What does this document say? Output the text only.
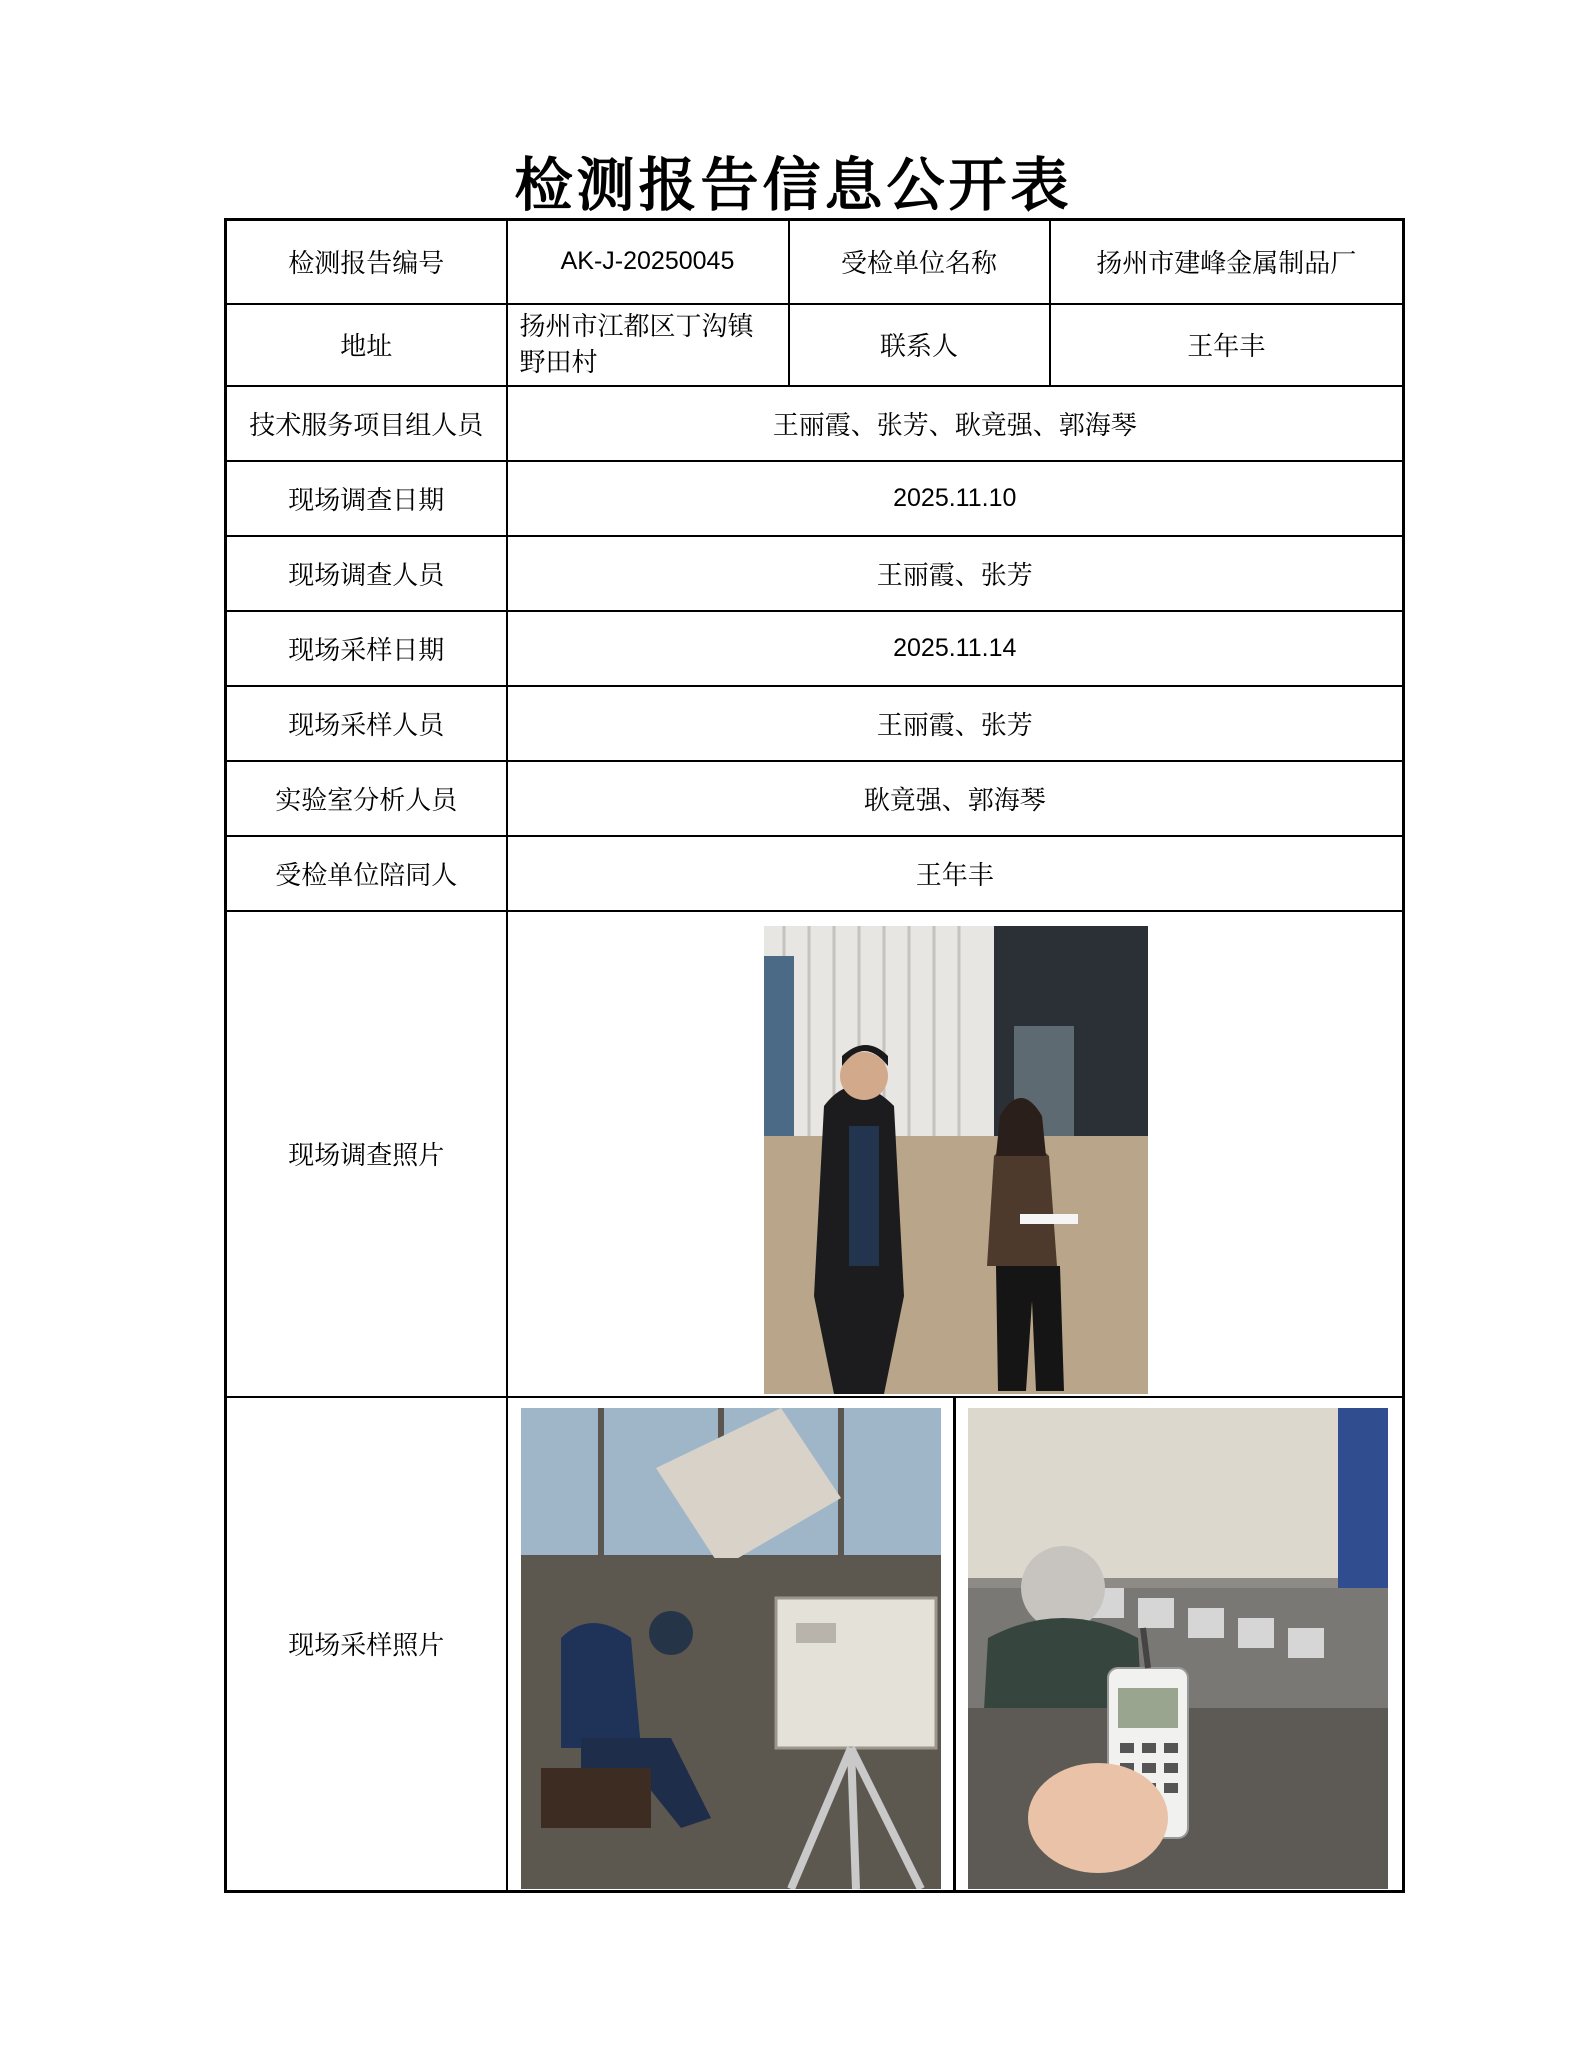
检测报告信息公开表
检测报告编号	AK-J-20250045	受检单位名称	扬州市建峰金属制品厂
地址	扬州市江都区丁沟镇野田村	联系人	王年丰
技术服务项目组人员	王丽霞、张芳、耿竟强、郭海琴		
现场调查日期	2025.11.10		
现场调查人员	王丽霞、张芳		
现场采样日期	2025.11.14		
现场采样人员	王丽霞、张芳		
实验室分析人员	耿竟强、郭海琴		
受检单位陪同人	王年丰		
现场调查照片	

现场采样照片	
